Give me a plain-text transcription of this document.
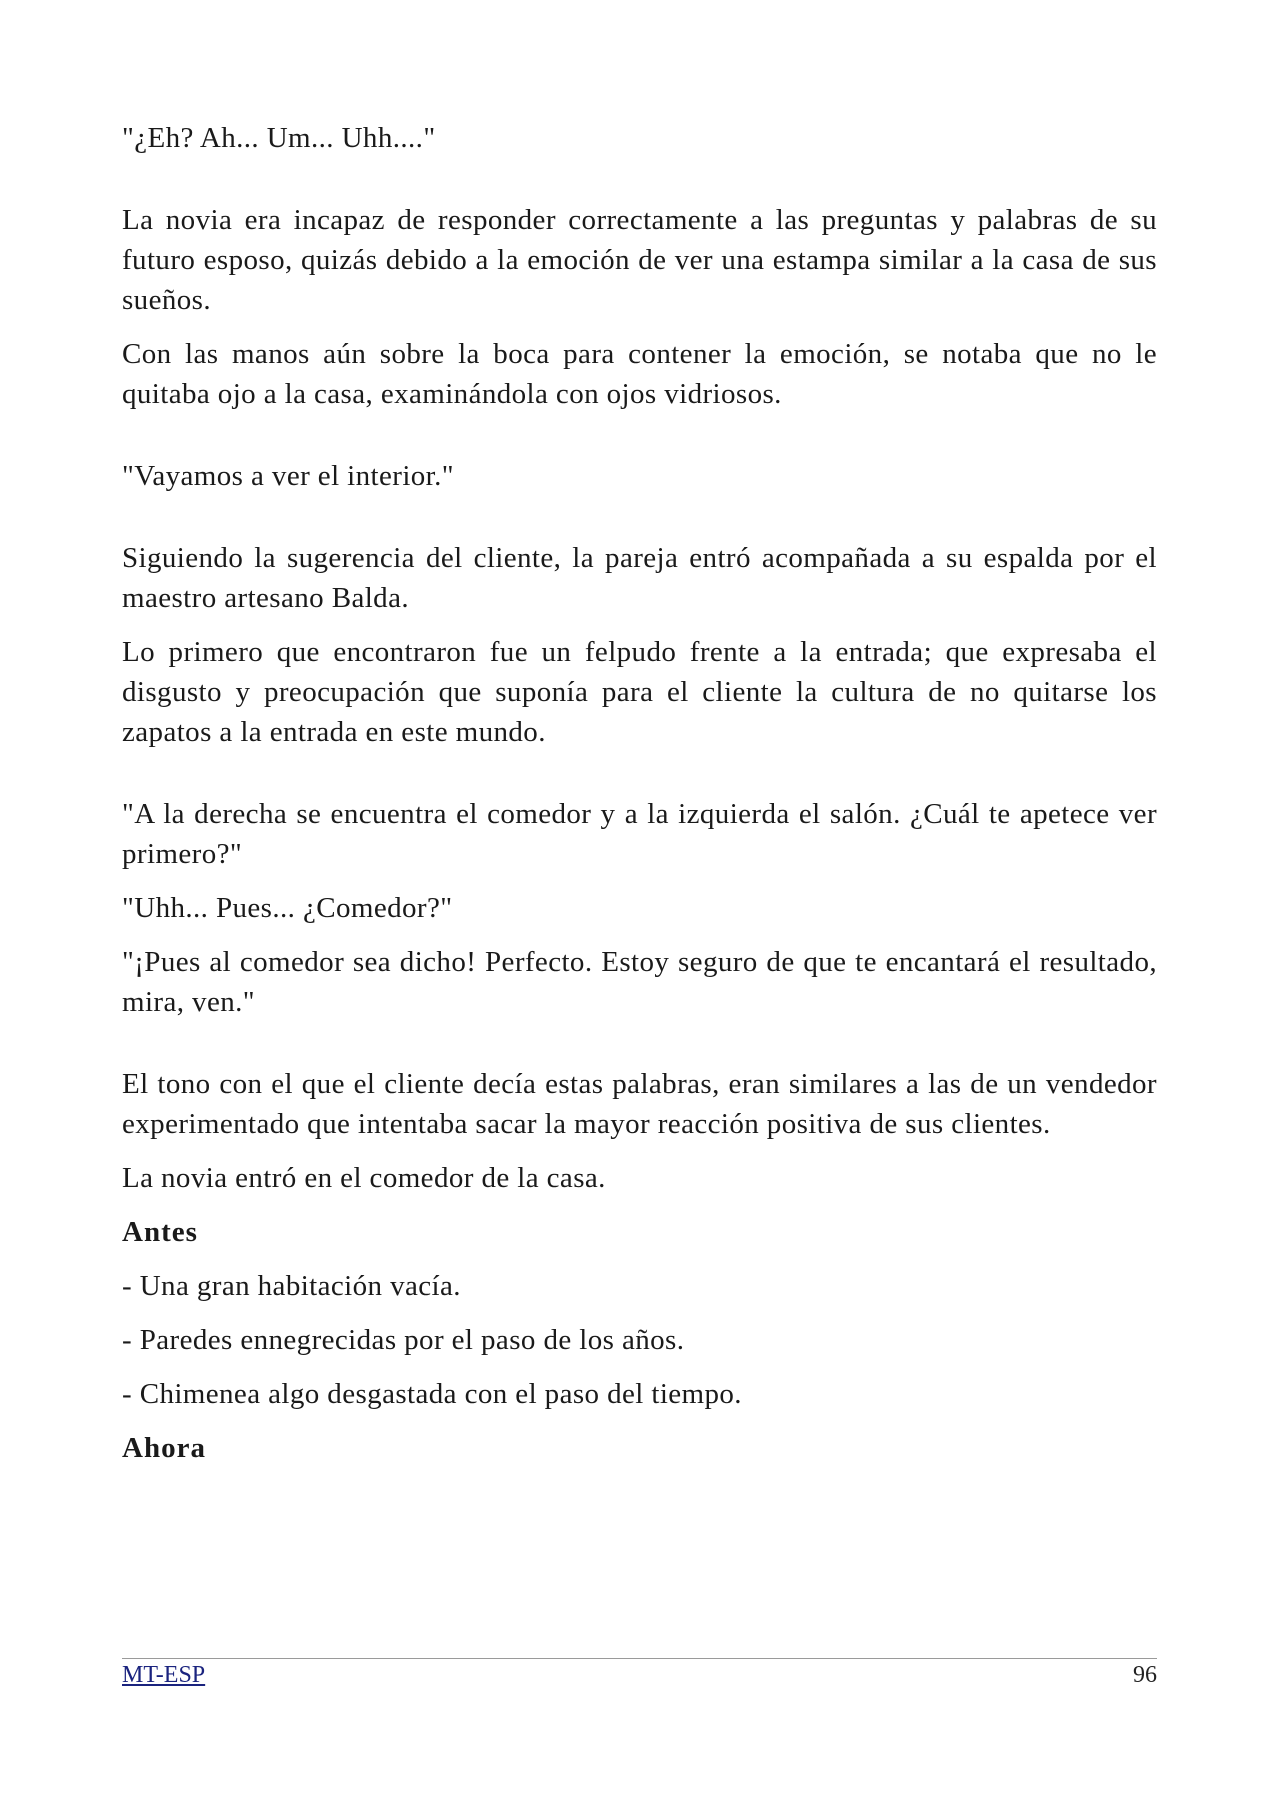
"¿Eh? Ah... Um... Uhh...."

La novia era incapaz de responder correctamente a las preguntas y palabras de su futuro esposo, quizás debido a la emoción de ver una estampa similar a la casa de sus sueños.

Con las manos aún sobre la boca para contener la emoción, se notaba que no le quitaba ojo a la casa, examinándola con ojos vidriosos.

"Vayamos a ver el interior."

Siguiendo la sugerencia del cliente, la pareja entró acompañada a su espalda por el maestro artesano Balda.

Lo primero que encontraron fue un felpudo frente a la entrada; que expresaba el disgusto y preocupación que suponía para el cliente la cultura de no quitarse los zapatos a la entrada en este mundo.

"A la derecha se encuentra el comedor y a la izquierda el salón. ¿Cuál te apetece ver primero?"

"Uhh... Pues... ¿Comedor?"

"¡Pues al comedor sea dicho! Perfecto. Estoy seguro de que te encantará el resultado, mira, ven."

El tono con el que el cliente decía estas palabras, eran similares a las de un vendedor experimentado que intentaba sacar la mayor reacción positiva de sus clientes.

La novia entró en el comedor de la casa.

Antes

- Una gran habitación vacía.

- Paredes ennegrecidas por el paso de los años.

- Chimenea algo desgastada con el paso del tiempo.

Ahora

MT-ESP	96
